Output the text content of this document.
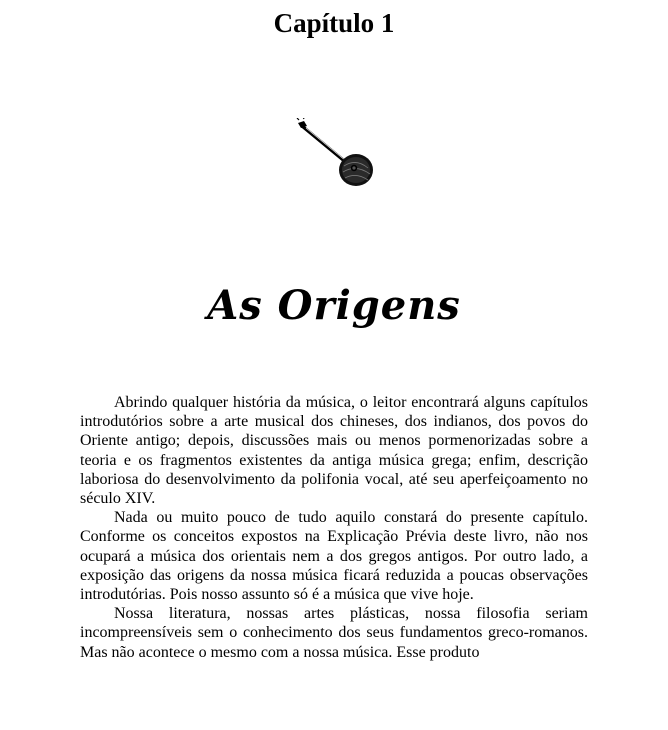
Capítulo 1
As Origens

Abrindo qualquer história da música, o leitor encontrará alguns capítulos introdutórios sobre a arte musical dos chineses, dos indianos, dos povos do Oriente antigo; depois, discussões mais ou menos pormenorizadas sobre a teoria e os fragmentos existentes da antiga música grega; enfim, descrição laboriosa do desenvolvimento da polifonia vocal, até seu aperfeiçoamento no século XIV.

Nada ou muito pouco de tudo aquilo constará do presente capítulo. Conforme os conceitos expostos na Explicação Prévia deste livro, não nos ocupará a música dos orientais nem a dos gregos antigos. Por outro lado, a exposição das origens da nossa música ficará reduzida a poucas observações introdutórias. Pois nosso assunto só é a música que vive hoje.

Nossa literatura, nossas artes plásticas, nossa filosofia seriam incompreensíveis sem o conhecimento dos seus fundamentos greco-romanos. Mas não acontece o mesmo com a nossa música. Esse produto
